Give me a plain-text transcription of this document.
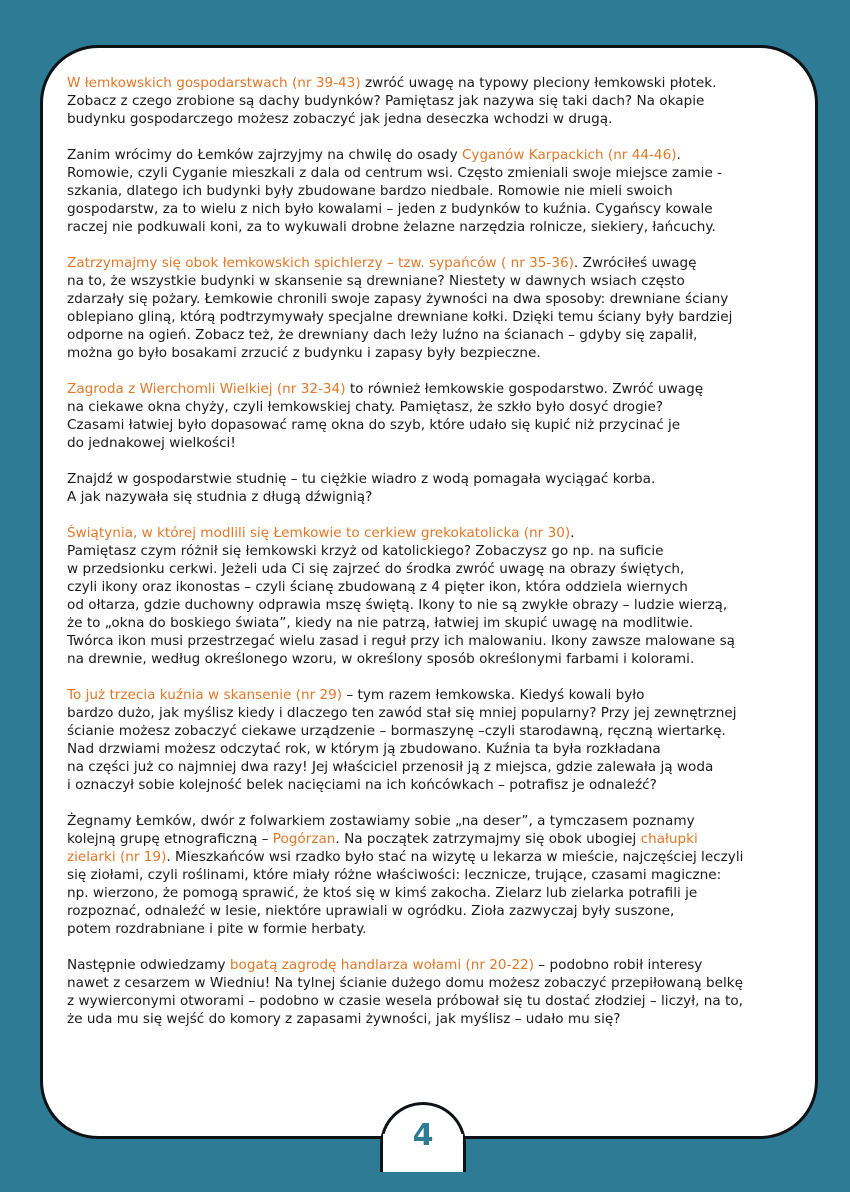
4
W łemkowskich gospodarstwach (nr 39-43) zwróć uwagę na typowy pleciony łemkowski płotek.
Zobacz z czego zrobione są dachy budynków? Pamiętasz jak nazywa się taki dach? Na okapie
budynku gospodarczego możesz zobaczyć jak jedna deseczka wchodzi w drugą.
Zanim wrócimy do Łemków zajrzyjmy na chwilę do osady Cyganów Karpackich (nr 44-46).
Romowie, czyli Cyganie mieszkali z dala od centrum wsi. Często zmieniali swoje miejsce zamie -
szkania, dlatego ich budynki były zbudowane bardzo niedbale. Romowie nie mieli swoich
gospodarstw, za to wielu z nich było kowalami – jeden z budynków to kuźnia. Cygańscy kowale
raczej nie podkuwali koni, za to wykuwali drobne żelazne narzędzia rolnicze, siekiery, łańcuchy.
Zatrzymajmy się obok łemkowskich spichlerzy – tzw. sypańców ( nr 35-36). Zwróciłeś uwagę
na to, że wszystkie budynki w skansenie są drewniane? Niestety w dawnych wsiach często
zdarzały się pożary. Łemkowie chronili swoje zapasy żywności na dwa sposoby: drewniane ściany
oblepiano gliną, którą podtrzymywały specjalne drewniane kołki. Dzięki temu ściany były bardziej
odporne na ogień. Zobacz też, że drewniany dach leży luźno na ścianach – gdyby się zapalił,
można go było bosakami zrzucić z budynku i zapasy były bezpieczne.
Zagroda z Wierchomli Wielkiej (nr 32-34) to również łemkowskie gospodarstwo. Zwróć uwagę
na ciekawe okna chyży, czyli łemkowskiej chaty. Pamiętasz, że szkło było dosyć drogie?
Czasami łatwiej było dopasować ramę okna do szyb, które udało się kupić niż przycinać je
do jednakowej wielkości!
Znajdź w gospodarstwie studnię – tu ciężkie wiadro z wodą pomagała wyciągać korba.
A jak nazywała się studnia z długą dźwignią?
Świątynia, w której modlili się Łemkowie to cerkiew grekokatolicka (nr 30).
Pamiętasz czym różnił się łemkowski krzyż od katolickiego? Zobaczysz go np. na suficie
w przedsionku cerkwi. Jeżeli uda Ci się zajrzeć do środka zwróć uwagę na obrazy świętych,
czyli ikony oraz ikonostas – czyli ścianę zbudowaną z 4 pięter ikon, która oddziela wiernych
od ołtarza, gdzie duchowny odprawia mszę świętą. Ikony to nie są zwykłe obrazy – ludzie wierzą,
że to „okna do boskiego świata”, kiedy na nie patrzą, łatwiej im skupić uwagę na modlitwie.
Twórca ikon musi przestrzegać wielu zasad i reguł przy ich malowaniu. Ikony zawsze malowane są
na drewnie, według określonego wzoru, w określony sposób określonymi farbami i kolorami.
To już trzecia kuźnia w skansenie (nr 29) – tym razem łemkowska. Kiedyś kowali było
bardzo dużo, jak myślisz kiedy i dlaczego ten zawód stał się mniej popularny? Przy jej zewnętrznej
ścianie możesz zobaczyć ciekawe urządzenie – bormaszynę –czyli starodawną, ręczną wiertarkę.
Nad drzwiami możesz odczytać rok, w którym ją zbudowano. Kuźnia ta była rozkładana
na części już co najmniej dwa razy! Jej właściciel przenosił ją z miejsca, gdzie zalewała ją woda
i oznaczył sobie kolejność belek nacięciami na ich końcówkach – potrafisz je odnaleźć?
Żegnamy Łemków, dwór z folwarkiem zostawiamy sobie „na deser”, a tymczasem poznamy
kolejną grupę etnograficzną – Pogórzan. Na początek zatrzymajmy się obok ubogiej chałupki
zielarki (nr 19). Mieszkańców wsi rzadko było stać na wizytę u lekarza w mieście, najczęściej leczyli
się ziołami, czyli roślinami, które miały różne właściwości: lecznicze, trujące, czasami magiczne:
np. wierzono, że pomogą sprawić, że ktoś się w kimś zakocha. Zielarz lub zielarka potrafili je
rozpoznać, odnaleźć w lesie, niektóre uprawiali w ogródku. Zioła zazwyczaj były suszone,
potem rozdrabniane i pite w formie herbaty.
Następnie odwiedzamy bogatą zagrodę handlarza wołami (nr 20-22) – podobno robił interesy
nawet z cesarzem w Wiedniu! Na tylnej ścianie dużego domu możesz zobaczyć przepiłowaną belkę
z wywierconymi otworami – podobno w czasie wesela próbował się tu dostać złodziej – liczył, na to,
że uda mu się wejść do komory z zapasami żywności, jak myślisz – udało mu się?
